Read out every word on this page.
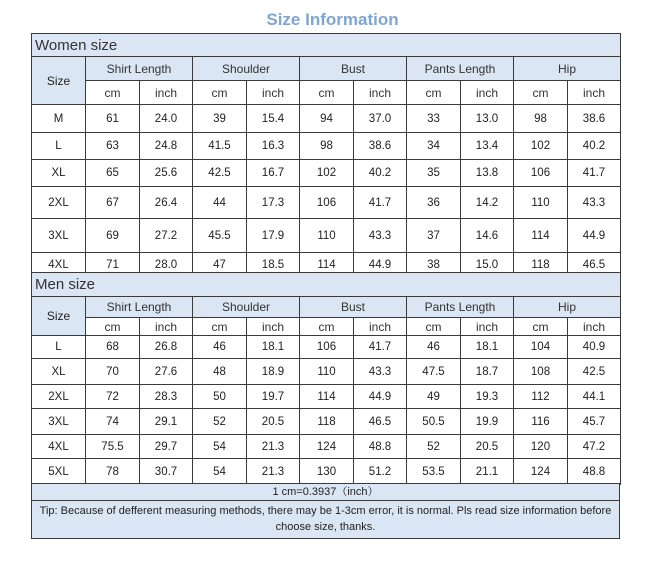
Size Information
Women size										
Size	Shirt Length		Shoulder		Bust		Pants Length		Hip	
	cm	inch	cm	inch	cm	inch	cm	inch	cm	inch
M	61	24.0	39	15.4	94	37.0	33	13.0	98	38.6
L	63	24.8	41.5	16.3	98	38.6	34	13.4	102	40.2
XL	65	25.6	42.5	16.7	102	40.2	35	13.8	106	41.7
2XL	67	26.4	44	17.3	106	41.7	36	14.2	110	43.3
3XL	69	27.2	45.5	17.9	110	43.3	37	14.6	114	44.9
4XL	71	28.0	47	18.5	114	44.9	38	15.0	118	46.5
Men size										
Size	Shirt Length		Shoulder		Bust		Pants Length		Hip	
	cm	inch	cm	inch	cm	inch	cm	inch	cm	inch
L	68	26.8	46	18.1	106	41.7	46	18.1	104	40.9
XL	70	27.6	48	18.9	110	43.3	47.5	18.7	108	42.5
2XL	72	28.3	50	19.7	114	44.9	49	19.3	112	44.1
3XL	74	29.1	52	20.5	118	46.5	50.5	19.9	116	45.7
4XL	75.5	29.7	54	21.3	124	48.8	52	20.5	120	47.2
5XL	78	30.7	54	21.3	130	51.2	53.5	21.1	124	48.8
1 cm=0.3937（inch）
Tip: Because of defferent measuring methods, there may be 1-3cm error, it is normal. Pls read size information before choose size, thanks.
